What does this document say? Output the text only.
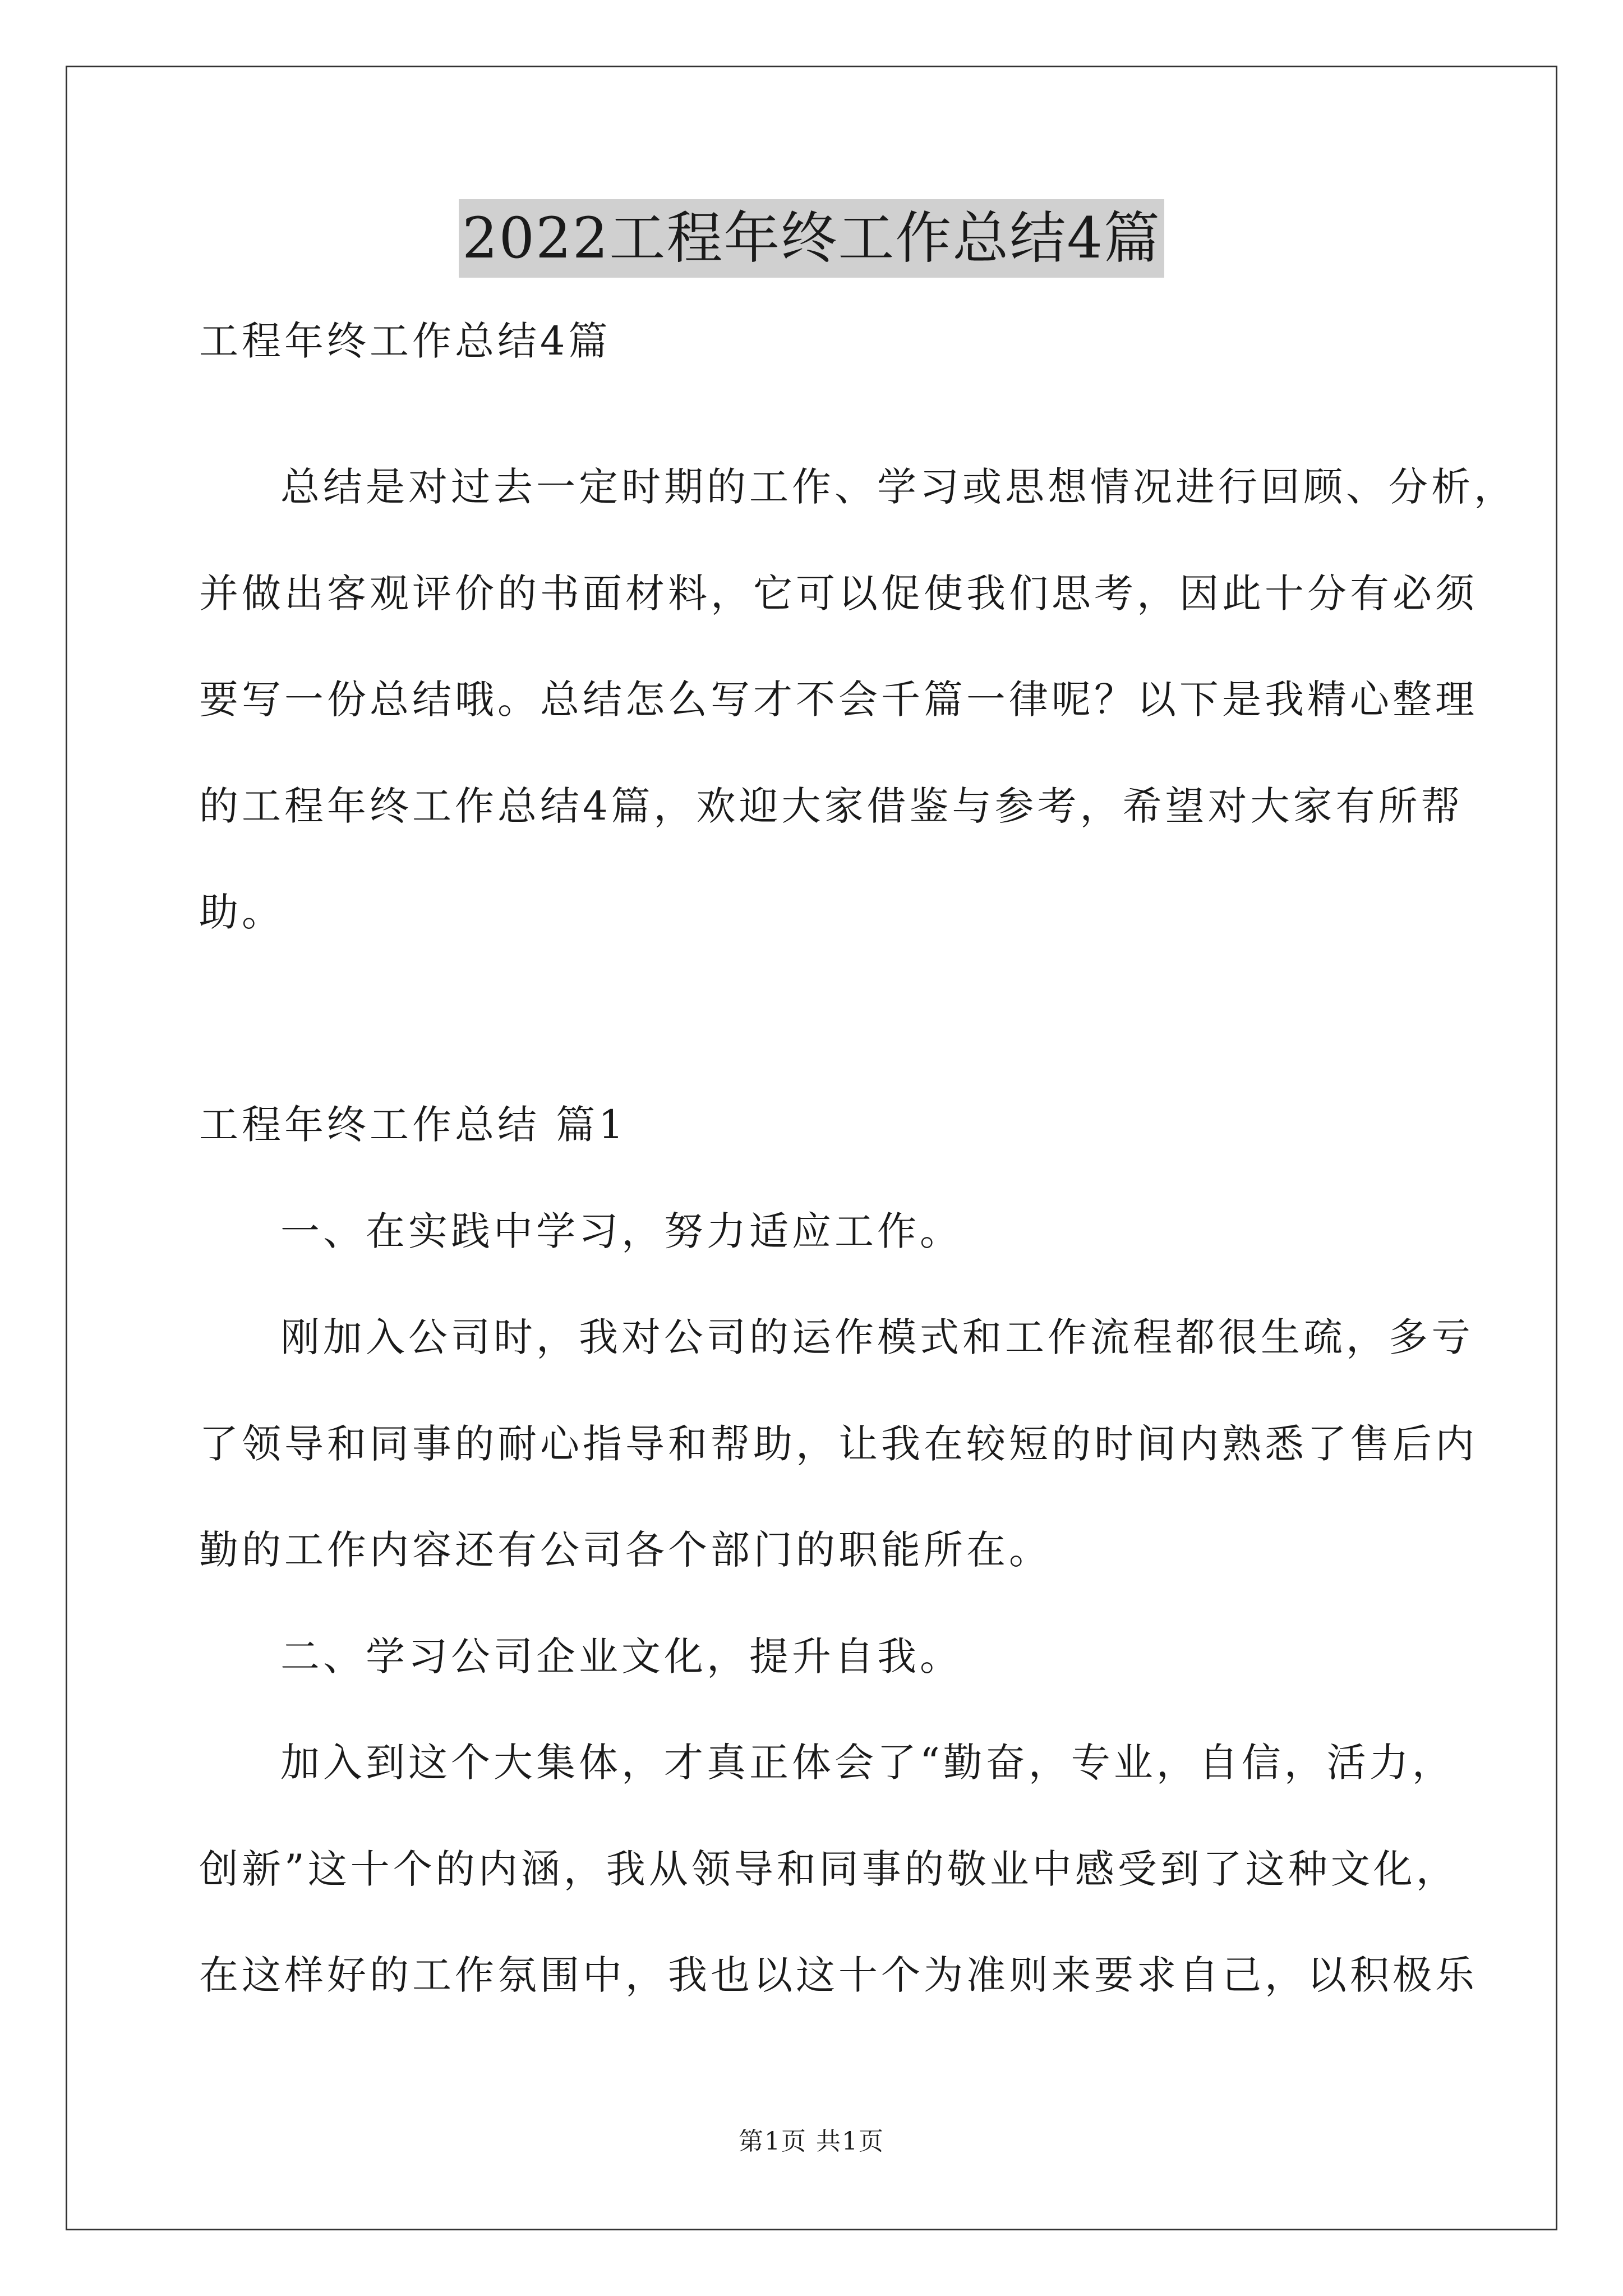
2022工程年终工作总结4篇
工程年终工作总结4篇
总结是对过去一定时期的工作、学习或思想情况进行回顾、分析，
并做出客观评价的书面材料，它可以促使我们思考，因此十分有必须
要写一份总结哦。总结怎么写才不会千篇一律呢？以下是我精心整理
的工程年终工作总结4篇，欢迎大家借鉴与参考，希望对大家有所帮
助。
工程年终工作总结 篇1
一、在实践中学习，努力适应工作。
刚加入公司时，我对公司的运作模式和工作流程都很生疏，多亏
了领导和同事的耐心指导和帮助，让我在较短的时间内熟悉了售后内
勤的工作内容还有公司各个部门的职能所在。
二、学习公司企业文化，提升自我。
加入到这个大集体，才真正体会了“勤奋，专业，自信，活力，
创新”这十个的内涵，我从领导和同事的敬业中感受到了这种文化，
在这样好的工作氛围中，我也以这十个为准则来要求自己，以积极乐
第1页 共1页
